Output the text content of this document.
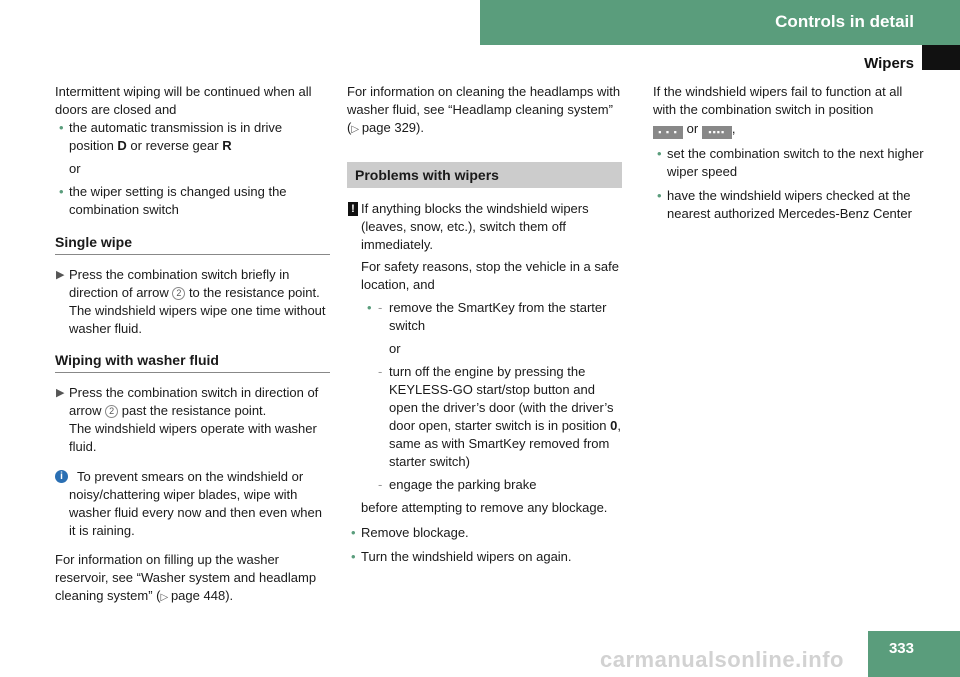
Controls in detail
Wipers

Intermittent wiping will be continued when all doors are closed and

• the automatic transmission is in drive position D or reverse gear R

or

• the wiper setting is changed using the combination switch
Single wipe
▶ Press the combination switch briefly in direction of arrow 2 to the resistance point.
The windshield wipers wipe one time without washer fluid.
Wiping with washer fluid
▶ Press the combination switch in direction of arrow 2 past the resistance point.
The windshield wipers operate with washer fluid.
i	To prevent smears on the windshield or noisy/chattering wiper blades, wipe with washer fluid every now and then even when it is raining.

For information on filling up the washer reservoir, see “Washer system and headlamp cleaning system” (▷ page 448).

For information on cleaning the headlamps with washer fluid, see “Headlamp cleaning system” (▷ page 329).

Problems with wipers
! If anything blocks the windshield wipers (leaves, snow, etc.), switch them off immediately.

For safety reasons, stop the vehicle in a safe location, and

• - remove the SmartKey from the starter switch

or

- turn off the engine by pressing the KEYLESS-GO start/stop button and open the driver’s door (with the driver’s door open, starter switch is in position 0, same as with SmartKey removed from starter switch)
- engage the parking brake

before attempting to remove any blockage.

• Remove blockage.
• Turn the windshield wipers on again.

If the windshield wipers fail to function at all with the combination switch in position

▪ ▪ ▪ or ▪▪▪▪ ,

• set the combination switch to the next higher wiper speed
• have the windshield wipers checked at the nearest authorized Mercedes-Benz Center
333
carmanualsonline.info
